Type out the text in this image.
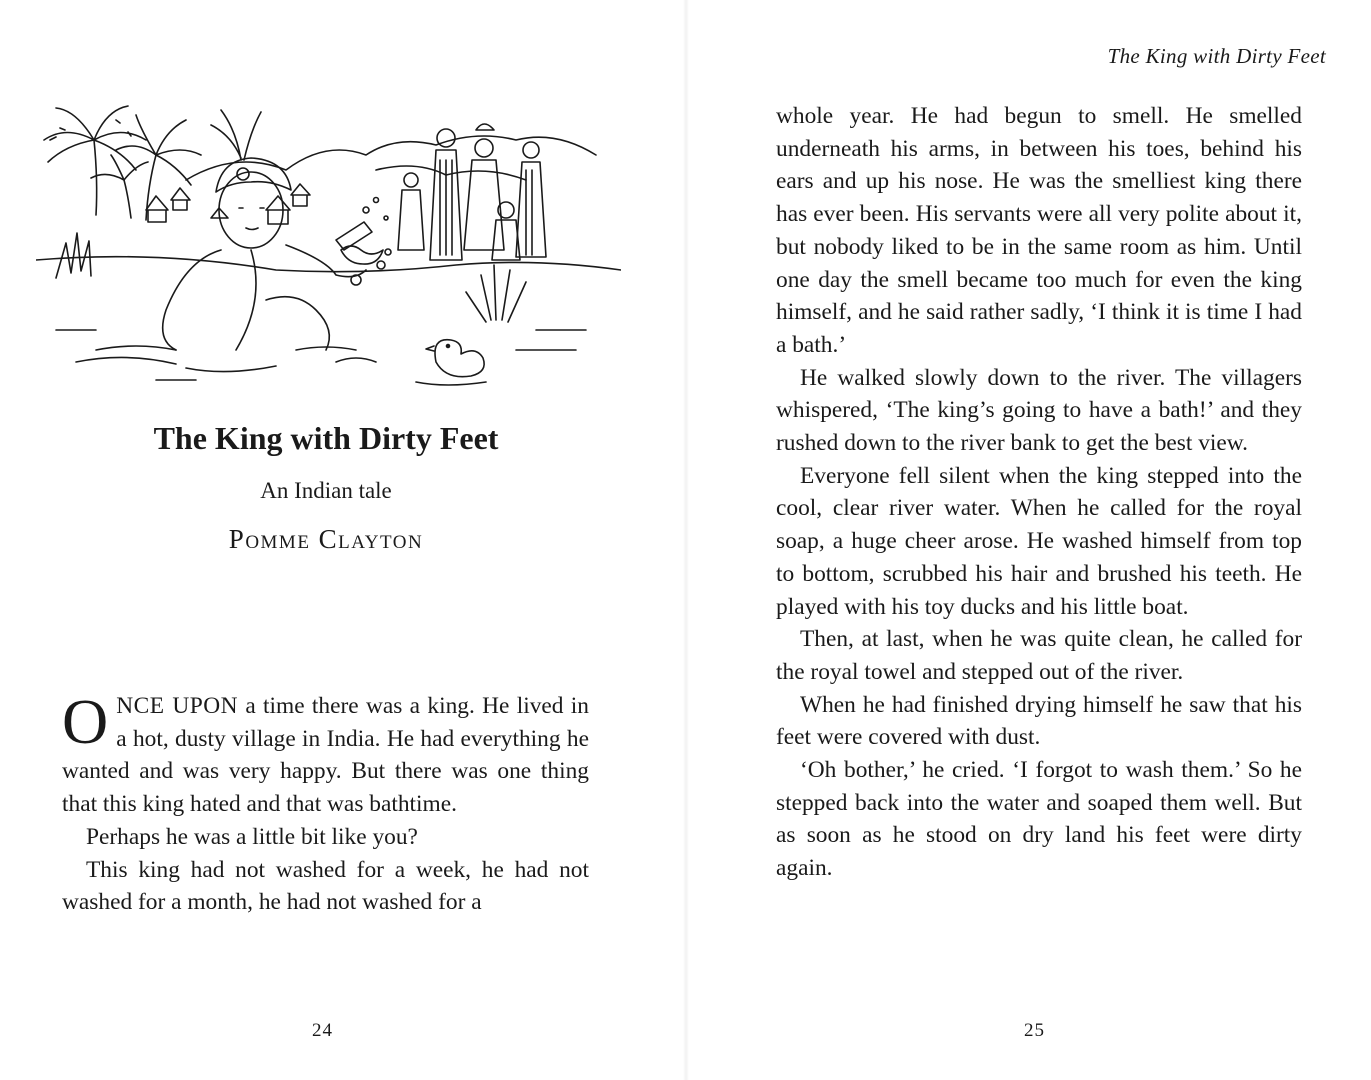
The King with Dirty Feet
An Indian tale
Pomme Clayton

ONCE UPON a time there was a king. He lived in a hot, dusty village in India. He had everything he wanted and was very happy. But there was one thing that this king hated and that was bathtime.

Perhaps he was a little bit like you?

This king had not washed for a week, he had not washed for a month, he had not washed for a

24
The King with Dirty Feet

whole year. He had begun to smell. He smelled underneath his arms, in between his toes, behind his ears and up his nose. He was the smelliest king there has ever been. His servants were all very polite about it, but nobody liked to be in the same room as him. Until one day the smell became too much for even the king himself, and he said rather sadly, ‘I think it is time I had a bath.’

He walked slowly down to the river. The villagers whispered, ‘The king’s going to have a bath!’ and they rushed down to the river bank to get the best view.

Everyone fell silent when the king stepped into the cool, clear river water. When he called for the royal soap, a huge cheer arose. He washed himself from top to bottom, scrubbed his hair and brushed his teeth. He played with his toy ducks and his little boat.

Then, at last, when he was quite clean, he called for the royal towel and stepped out of the river.

When he had finished drying himself he saw that his feet were covered with dust.

‘Oh bother,’ he cried. ‘I forgot to wash them.’ So he stepped back into the water and soaped them well. But as soon as he stood on dry land his feet were dirty again.

25
